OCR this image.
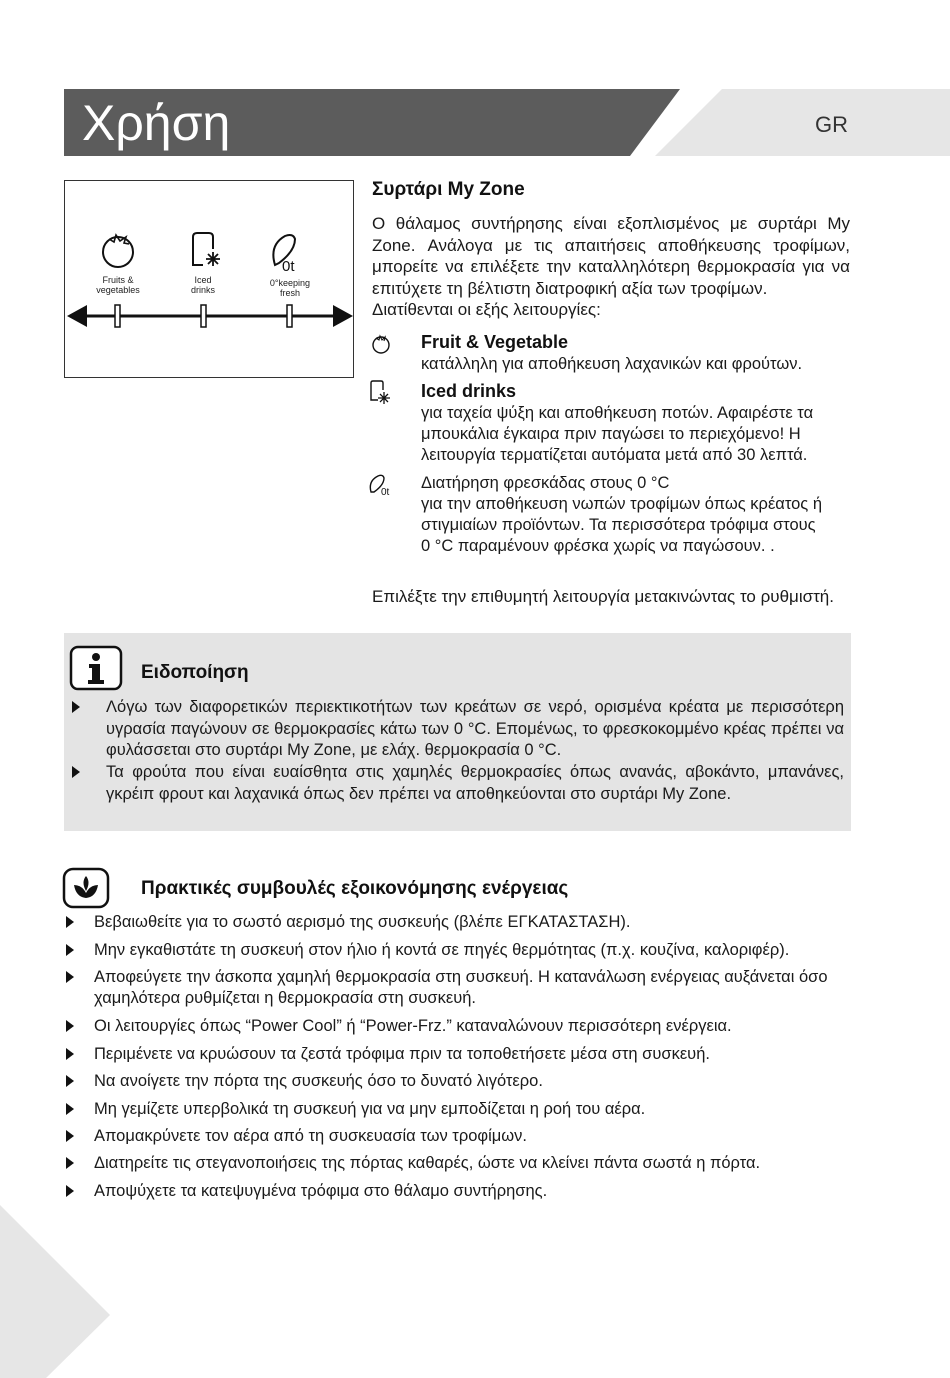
Χρήση	GR
0t
Fruits &
vegetables
Iced
drinks
0°keeping
fresh
Συρτάρι My Zone
Ο θάλαμος συντήρησης είναι εξοπλισμένος με συρτάρι My Zone. Ανάλογα με τις απαιτήσεις αποθήκευσης τροφίμων, μπορείτε να επιλέξετε την καταλληλότερη θερμοκρασία για να επιτύχετε τη βέλτιστη διατροφική αξία των τροφίμων.
Διατίθενται οι εξής λειτουργίες:
Fruit & Vegetable
κατάλληλη για αποθήκευση λαχανικών και φρούτων.
Iced drinks
για ταχεία ψύξη και αποθήκευση ποτών. Αφαιρέστε τα
μπουκάλια έγκαιρα πριν παγώσει το περιεχόμενο! Η
λειτουργία τερματίζεται αυτόματα μετά από 30 λεπτά.
0t
Διατήρηση φρεσκάδας στους 0 °C
για την αποθήκευση νωπών τροφίμων όπως κρέατος ή
στιγμιαίων προϊόντων. Τα περισσότερα τρόφιμα στους
0 °C παραμένουν φρέσκα χωρίς να παγώσουν. .
Επιλέξτε την επιθυμητή λειτουργία μετακινώντας το ρυθμιστή.
Ειδοποίηση
Λόγω των διαφορετικών περιεκτικοτήτων των κρεάτων σε νερό, ορισμένα κρέατα με περισσότερη υγρασία παγώνουν σε θερμοκρασίες κάτω των 0 °C. Επομένως, το φρεσκοκομμένο κρέας πρέπει να φυλάσσεται στο συρτάρι My Zone, με ελάχ. θερμοκρασία 0 °C.
Τα φρούτα που είναι ευαίσθητα στις χαμηλές θερμοκρασίες όπως ανανάς, αβοκάντο, μπανάνες, γκρέιπ φρουτ και λαχανικά όπως δεν πρέπει να αποθηκεύονται στο συρτάρι My Zone.
Πρακτικές συμβουλές εξοικονόμησης ενέργειας
Βεβαιωθείτε για το σωστό αερισμό της συσκευής (βλέπε ΕΓΚΑΤΑΣΤΑΣΗ).
Μην εγκαθιστάτε τη συσκευή στον ήλιο ή κοντά σε πηγές θερμότητας (π.χ. κουζίνα, καλοριφέρ).
Αποφεύγετε την άσκοπα χαμηλή θερμοκρασία στη συσκευή. Η κατανάλωση ενέργειας αυξάνεται όσο χαμηλότερα ρυθμίζεται η θερμοκρασία στη συσκευή.
Οι λειτουργίες όπως “Power Cool” ή “Power-Frz.” καταναλώνουν περισσότερη ενέργεια.
Περιμένετε να κρυώσουν τα ζεστά τρόφιμα πριν τα τοποθετήσετε μέσα στη συσκευή.
Να ανοίγετε την πόρτα της συσκευής όσο το δυνατό λιγότερο.
Μη γεμίζετε υπερβολικά τη συσκευή για να μην εμποδίζεται η ροή του αέρα.
Απομακρύνετε τον αέρα από τη συσκευασία των τροφίμων.
Διατηρείτε τις στεγανοποιήσεις της πόρτας καθαρές, ώστε να κλείνει πάντα σωστά η πόρτα.
Αποψύχετε τα κατεψυγμένα τρόφιμα στο θάλαμο συντήρησης.
